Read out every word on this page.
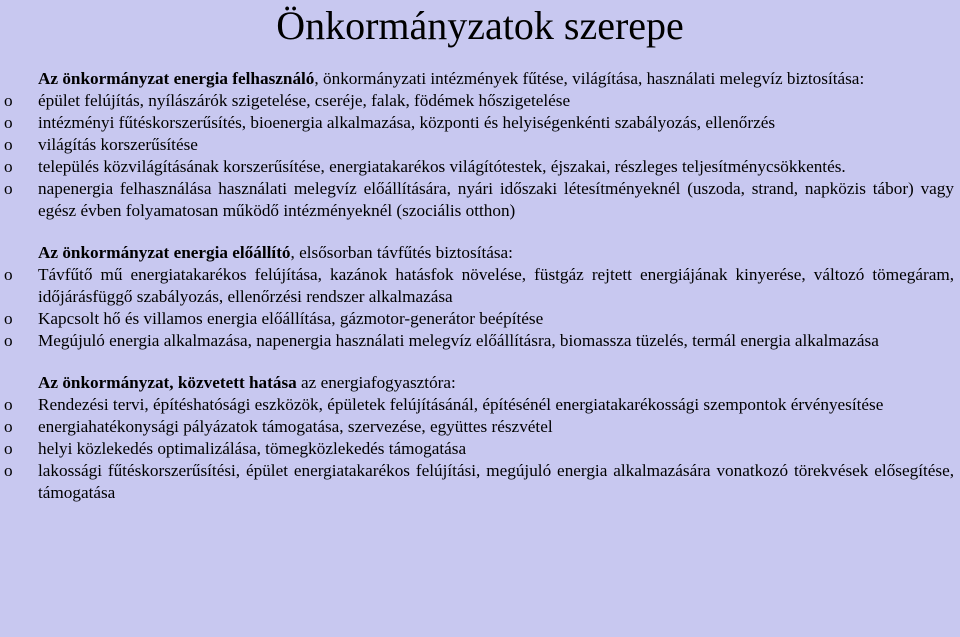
Önkormányzatok szerepe
Az önkormányzat energia felhasználó, önkormányzati intézmények fűtése, világítása, használati melegvíz biztosítása:
o	épület felújítás, nyílászárók szigetelése, cseréje, falak, födémek hőszigetelése
o	intézményi fűtéskorszerűsítés, bioenergia alkalmazása, központi és helyiségenkénti szabályozás, ellenőrzés
o	világítás korszerűsítése
o	település közvilágításának korszerűsítése, energiatakarékos világítótestek, éjszakai, részleges teljesítménycsökkentés.
o	napenergia felhasználása használati melegvíz előállítására, nyári időszaki létesítményeknél (uszoda, strand, napközis tábor) vagy egész évben folyamatosan működő intézményeknél (szociális otthon)
Az önkormányzat energia előállító, elsősorban távfűtés biztosítása:
o	Távfűtő mű energiatakarékos felújítása, kazánok hatásfok növelése, füstgáz rejtett energiájának kinyerése, változó tömegáram, időjárásfüggő szabályozás, ellenőrzési rendszer alkalmazása
o	Kapcsolt hő és villamos energia előállítása, gázmotor-generátor beépítése
o	Megújuló energia alkalmazása, napenergia használati melegvíz előállításra, biomassza tüzelés, termál energia alkalmazása
Az önkormányzat, közvetett hatása az energiafogyasztóra:
o	Rendezési tervi, építéshatósági eszközök, épületek felújításánál, építésénél energiatakarékossági szempontok érvényesítése
o	energiahatékonysági pályázatok támogatása, szervezése, együttes részvétel
o	helyi közlekedés optimalizálása, tömegközlekedés támogatása
o	lakossági fűtéskorszerűsítési, épület energiatakarékos felújítási, megújuló energia alkalmazására vonatkozó törekvések elősegítése, támogatása
